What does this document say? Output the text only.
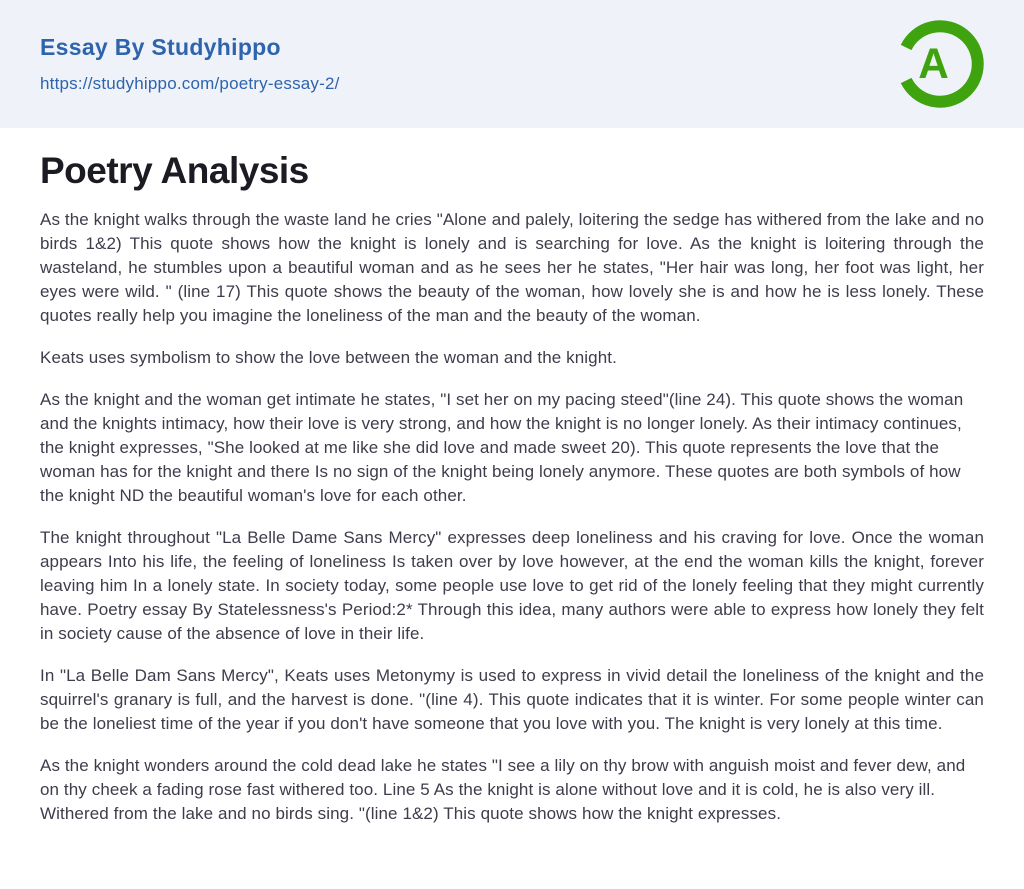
Essay By Studyhippo
https://studyhippo.com/poetry-essay-2/	A
Poetry Analysis

As the knight walks through the waste land he cries "Alone and palely, loitering the sedge has withered from the lake and no birds 1&2) This quote shows how the knight is lonely and is searching for love. As the knight is loitering through the wasteland, he stumbles upon a beautiful woman and as he sees her he states, "Her hair was long, her foot was light, her eyes were wild. " (line 17) This quote shows the beauty of the woman, how lovely she is and how he is less lonely. These quotes really help you imagine the loneliness of the man and the beauty of the woman.

Keats uses symbolism to show the love between the woman and the knight.

As the knight and the woman get intimate he states, "I set her on my pacing steed"(line 24). This quote shows the woman and the knights intimacy, how their love is very strong, and how the knight is no longer lonely. As their intimacy continues, the knight expresses, "She looked at me like she did love and made sweet 20). This quote represents the love that the woman has for the knight and there Is no sign of the knight being lonely anymore. These quotes are both symbols of how the knight ND the beautiful woman's love for each other.

The knight throughout "La Belle Dame Sans Mercy" expresses deep loneliness and his craving for love. Once the woman appears Into his life, the feeling of loneliness Is taken over by love however, at the end the woman kills the knight, forever leaving him In a lonely state. In society today, some people use love to get rid of the lonely feeling that they might currently have. Poetry essay By Statelessness's Period:2* Through this idea, many authors were able to express how lonely they felt in society cause of the absence of love in their life.

In "La Belle Dam Sans Mercy", Keats uses Metonymy is used to express in vivid detail the loneliness of the knight and the squirrel's granary is full, and the harvest is done. "(line 4). This quote indicates that it is winter. For some people winter can be the loneliest time of the year if you don't have someone that you love with you. The knight is very lonely at this time.

As the knight wonders around the cold dead lake he states "I see a lily on thy brow with anguish moist and fever dew, and on thy cheek a fading rose fast withered too. Line 5 As the knight is alone without love and it is cold, he is also very ill. Withered from the lake and no birds sing. "(line 1&2) This quote shows how the knight expresses.
